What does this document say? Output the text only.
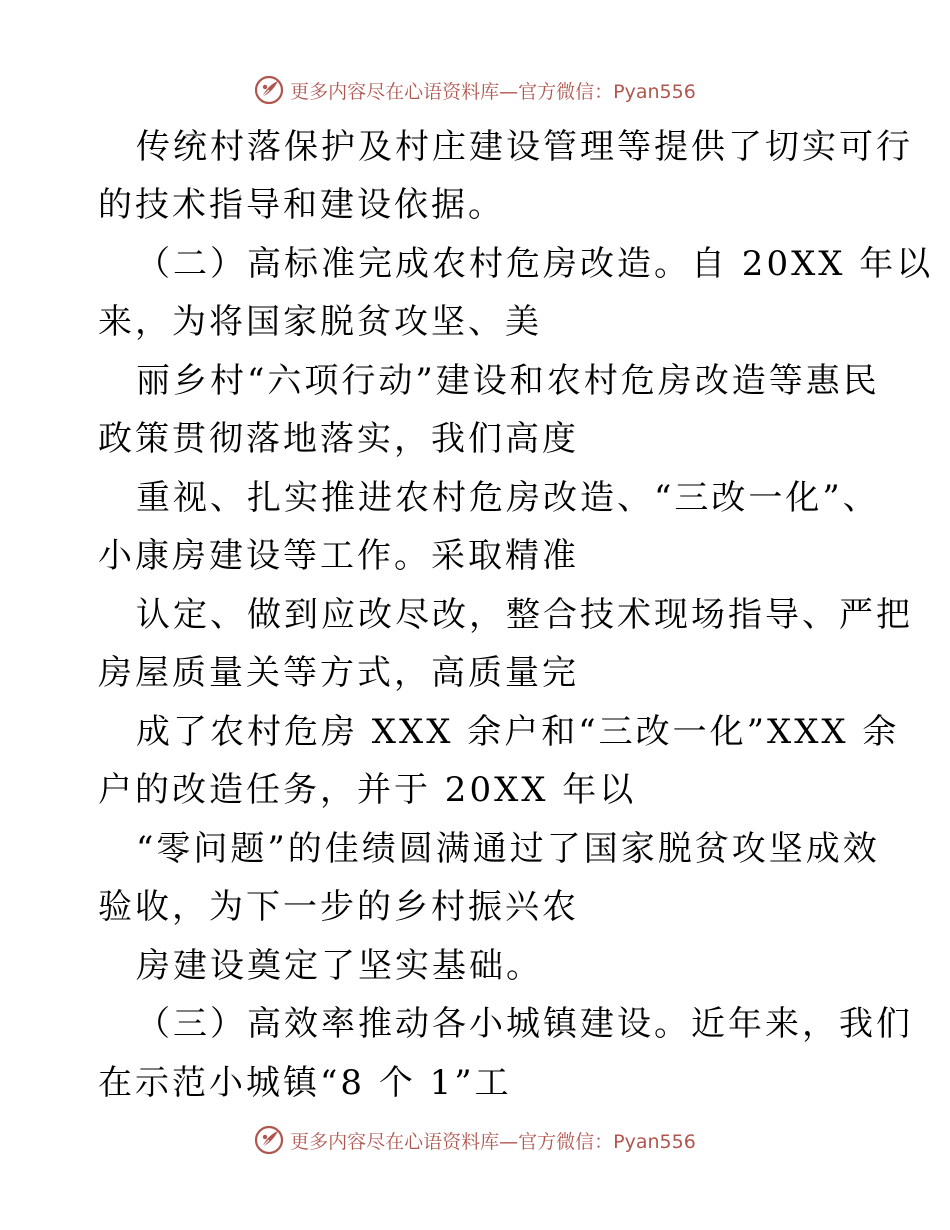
更多内容尽在心语资料库—官方微信：Pyan556
传统村落保护及村庄建设管理等提供了切实可行
的技术指导和建设依据。
（二）高标准完成农村危房改造。自 20XX 年以
来，为将国家脱贫攻坚、美
丽乡村“六项行动”建设和农村危房改造等惠民
政策贯彻落地落实，我们高度
重视、扎实推进农村危房改造、“三改一化”、
小康房建设等工作。采取精准
认定、做到应改尽改，整合技术现场指导、严把
房屋质量关等方式，高质量完
成了农村危房 XXX 余户和“三改一化”XXX 余
户的改造任务，并于 20XX 年以
“零问题”的佳绩圆满通过了国家脱贫攻坚成效
验收，为下一步的乡村振兴农
房建设奠定了坚实基础。
（三）高效率推动各小城镇建设。近年来，我们
在示范小城镇“8 个 1”工
更多内容尽在心语资料库—官方微信：Pyan556
